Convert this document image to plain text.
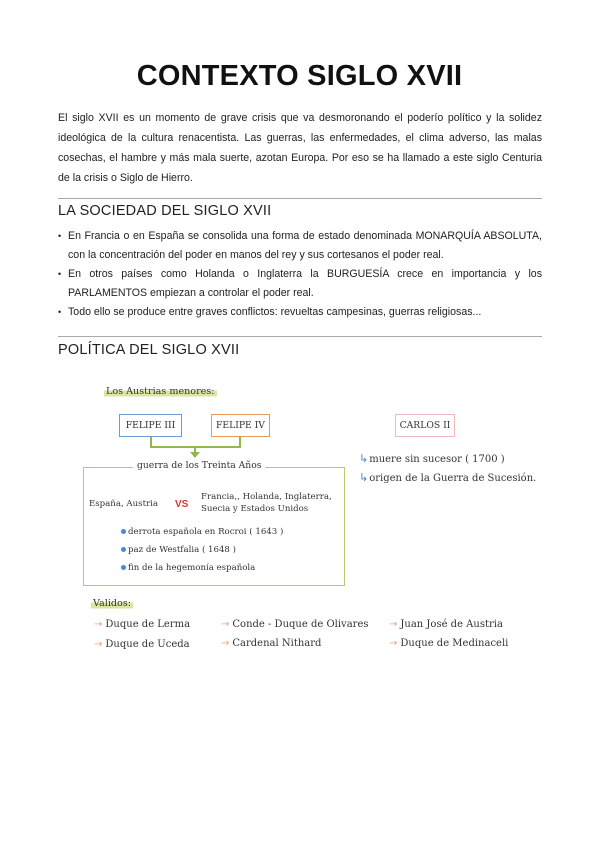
CONTEXTO SIGLO XVII
El siglo XVII es un momento de grave crisis que va desmoronando el poderío político y la solidez ideológica de la cultura renacentista. Las guerras, las enfermedades, el clima adverso, las malas cosechas, el hambre y más mala suerte, azotan Europa. Por eso se ha llamado a este siglo Centuria de la crisis o Siglo de Hierro.
LA SOCIEDAD DEL SIGLO XVII
• En Francia o en España se consolida una forma de estado denominada MONARQUÍA ABSOLUTA, con la concentración del poder en manos del rey y sus cortesanos el poder real.
• En otros países como Holanda o Inglaterra la BURGUESÍA crece en importancia y los PARLAMENTOS empiezan a controlar el poder real.
• Todo ello se produce entre graves conflictos: revueltas campesinas, guerras religiosas...
POLÍTICA DEL SIGLO XVII
Los Austrias menores:
FELIPE III	FELIPE IV	CARLOS II
↳muere sin sucesor ( 1700 )
↳origen de la Guerra de Sucesión.
guerra de los Treinta Años
España, Austria VS
Francia,, Holanda, Inglaterra,
Suecia y Estados Unidos
derrota española en Rocroi ( 1643 )
paz de Westfalia ( 1648 )
fin de la hegemonía española
Validos:
→ Duque de Lerma	→ Conde - Duque de Olivares → Juan José de Austria
→ Duque de Uceda	→ Cardenal Nithard	→ Duque de Medinaceli
